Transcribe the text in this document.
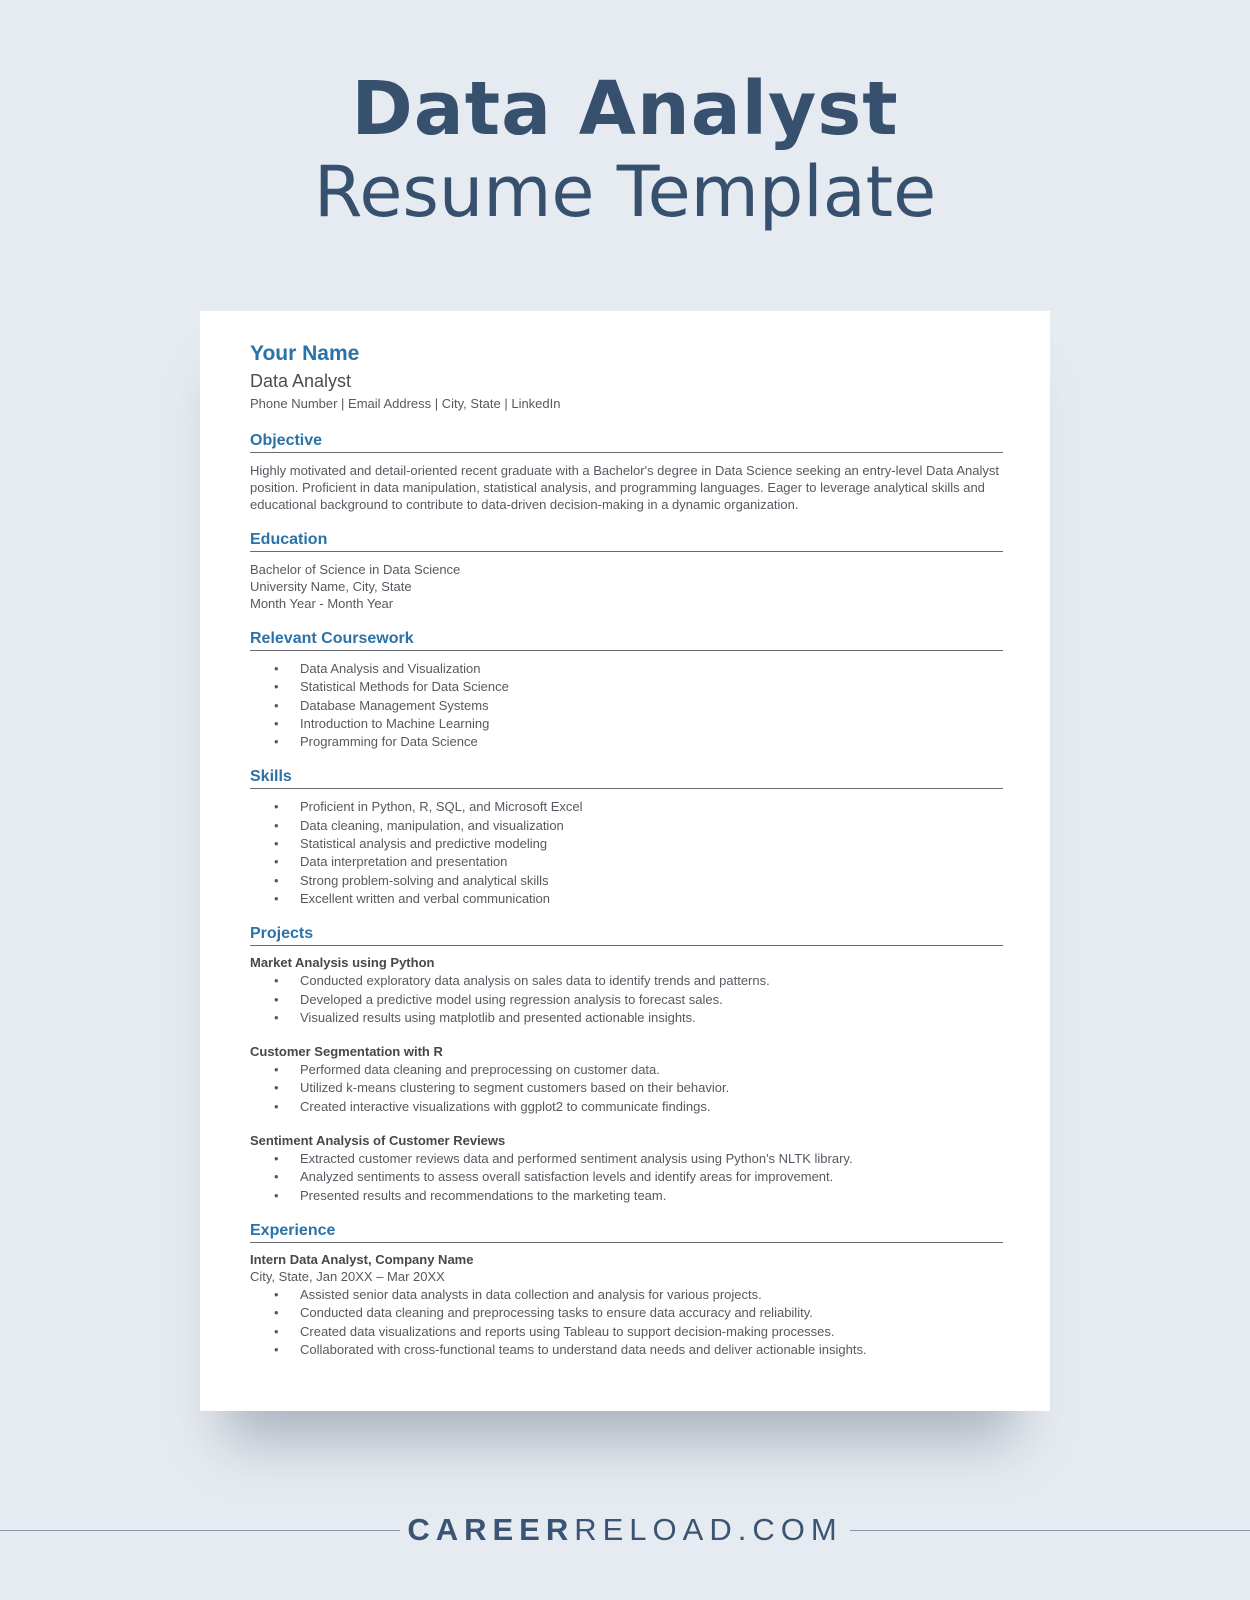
Data Analyst
Resume Template
Your Name
Data Analyst
Phone Number | Email Address | City, State | LinkedIn
Objective
Highly motivated and detail-oriented recent graduate with a Bachelor's degree in Data Science seeking an entry-level Data Analyst position. Proficient in data manipulation, statistical analysis, and programming languages. Eager to leverage analytical skills and educational background to contribute to data-driven decision-making in a dynamic organization.
Education
Bachelor of Science in Data Science
University Name, City, State
Month Year - Month Year
Relevant Coursework
• Data Analysis and Visualization
• Statistical Methods for Data Science
• Database Management Systems
• Introduction to Machine Learning
• Programming for Data Science
Skills
• Proficient in Python, R, SQL, and Microsoft Excel
• Data cleaning, manipulation, and visualization
• Statistical analysis and predictive modeling
• Data interpretation and presentation
• Strong problem-solving and analytical skills
• Excellent written and verbal communication
Projects
Market Analysis using Python
• Conducted exploratory data analysis on sales data to identify trends and patterns.
• Developed a predictive model using regression analysis to forecast sales.
• Visualized results using matplotlib and presented actionable insights.
Customer Segmentation with R
• Performed data cleaning and preprocessing on customer data.
• Utilized k-means clustering to segment customers based on their behavior.
• Created interactive visualizations with ggplot2 to communicate findings.
Sentiment Analysis of Customer Reviews
• Extracted customer reviews data and performed sentiment analysis using Python's NLTK library.
• Analyzed sentiments to assess overall satisfaction levels and identify areas for improvement.
• Presented results and recommendations to the marketing team.
Experience
Intern Data Analyst, Company Name
City, State, Jan 20XX – Mar 20XX
• Assisted senior data analysts in data collection and analysis for various projects.
• Conducted data cleaning and preprocessing tasks to ensure data accuracy and reliability.
• Created data visualizations and reports using Tableau to support decision-making processes.
• Collaborated with cross-functional teams to understand data needs and deliver actionable insights.
CAREERRELOAD.COM
